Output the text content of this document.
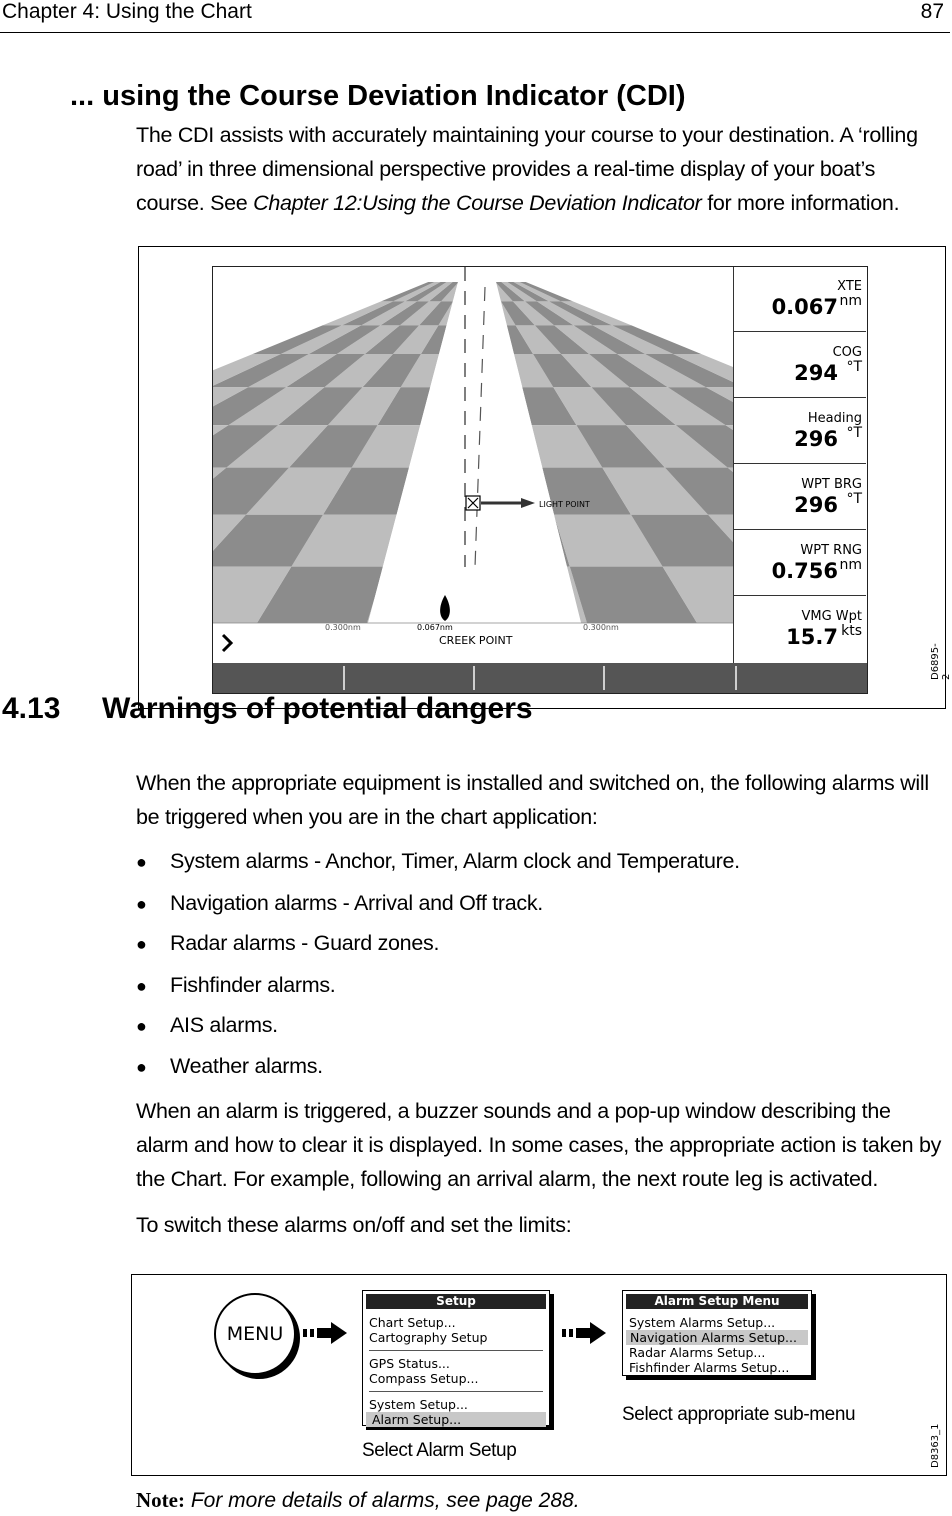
Chapter 4: Using the Chart	87
... using the Course Deviation Indicator (CDI)
The CDI assists with accurately maintaining your course to your destination. A ‘rolling road’ in three dimensional perspective provides a real-time display of your boat’s course. See Chapter 12:Using the Course Deviation Indicator for more information.
LIGHT POINT
0.300nm	0.067nm	0.300nm
CREEK POINT
XTE
0.067 nm
COG
294 °T
Heading
296 °T
WPT BRG
296 °T
WPT RNG
0.756 nm
VMG Wpt
15.7 kts
D6895-2
4.13 Warnings of potential dangers
When the appropriate equipment is installed and switched on, the following alarms will be triggered when you are in the chart application:
● System alarms - Anchor, Timer, Alarm clock and Temperature.
● Navigation alarms - Arrival and Off track.
● Radar alarms - Guard zones.
● Fishfinder alarms.
● AIS alarms.
● Weather alarms.
When an alarm is triggered, a buzzer sounds and a pop-up window describing the alarm and how to clear it is displayed. In some cases, the appropriate action is taken by the Chart. For example, following an arrival alarm, the next route leg is activated.
To switch these alarms on/off and set the limits:
MENU
Setup
Chart Setup...
Cartography Setup
GPS Status...
Compass Setup...
System Setup...
Alarm Setup...
Alarm Setup Menu
System Alarms Setup...
Navigation Alarms Setup...
Radar Alarms Setup...
Fishfinder Alarms Setup...
Select Alarm Setup
Select appropriate sub-menu
D8363_1
Note: For more details of alarms, see page 288.
